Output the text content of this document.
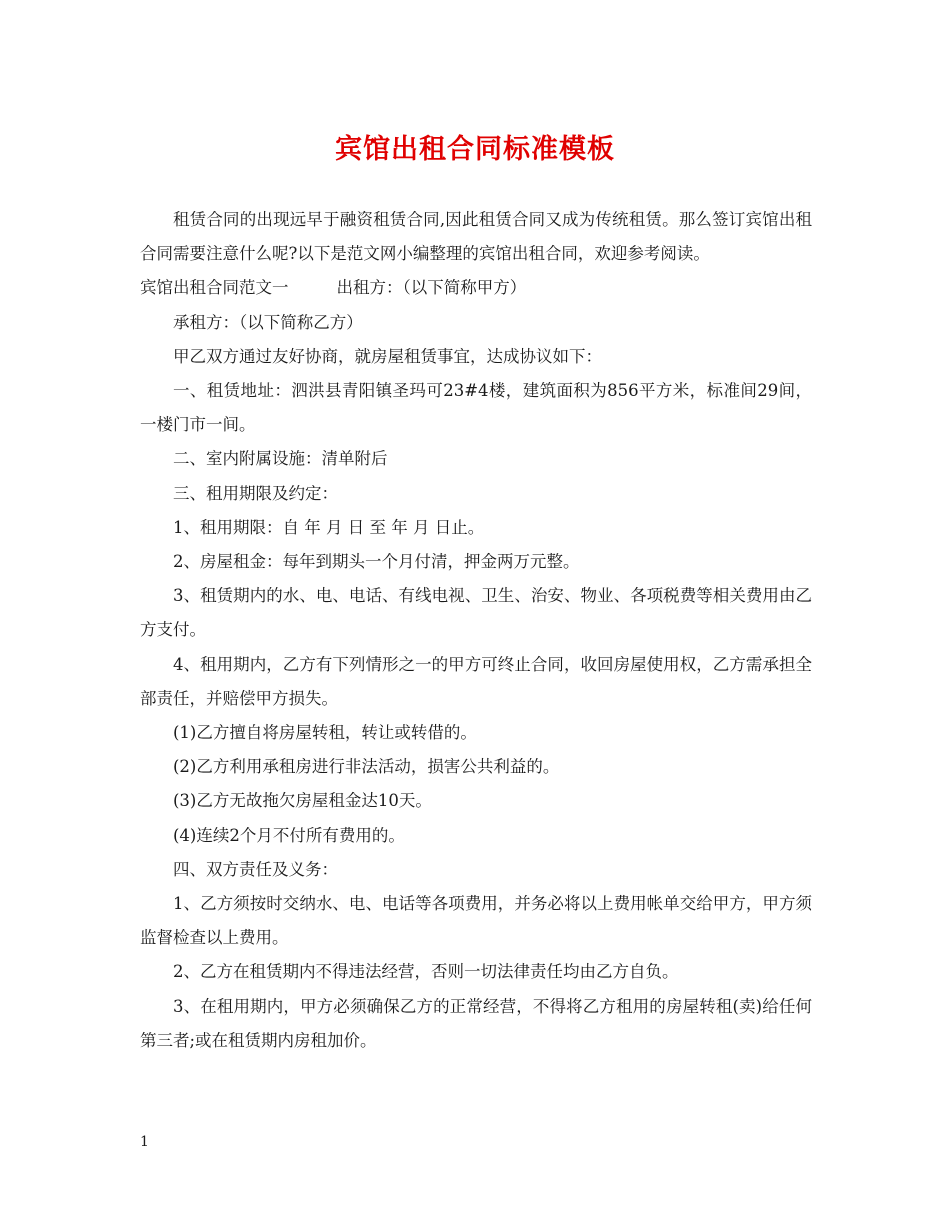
宾馆出租合同标准模板

租赁合同的出现远早于融资租赁合同,因此租赁合同又成为传统租赁。那么签订宾馆出租合同需要注意什么呢?以下是范文网小编整理的宾馆出租合同，欢迎参考阅读。

宾馆出租合同范文一	出租方：（以下简称甲方）

承租方：（以下简称乙方）

甲乙双方通过友好协商，就房屋租赁事宜，达成协议如下：

一、租赁地址：泗洪县青阳镇圣玛可23#4楼，建筑面积为856平方米，标准间29间，一楼门市一间。

二、室内附属设施：清单附后

三、租用期限及约定：

1、租用期限：自 年 月 日 至 年 月 日止。

2、房屋租金：每年到期头一个月付清，押金两万元整。

3、租赁期内的水、电、电话、有线电视、卫生、治安、物业、各项税费等相关费用由乙方支付。

4、租用期内，乙方有下列情形之一的甲方可终止合同，收回房屋使用权，乙方需承担全部责任，并赔偿甲方损失。

(1)乙方擅自将房屋转租，转让或转借的。

(2)乙方利用承租房进行非法活动，损害公共利益的。

(3)乙方无故拖欠房屋租金达10天。

(4)连续2个月不付所有费用的。

四、双方责任及义务：

1、乙方须按时交纳水、电、电话等各项费用，并务必将以上费用帐单交给甲方，甲方须监督检查以上费用。

2、乙方在租赁期内不得违法经营，否则一切法律责任均由乙方自负。

3、在租用期内，甲方必须确保乙方的正常经营，不得将乙方租用的房屋转租(卖)给任何第三者;或在租赁期内房租加价。

1
